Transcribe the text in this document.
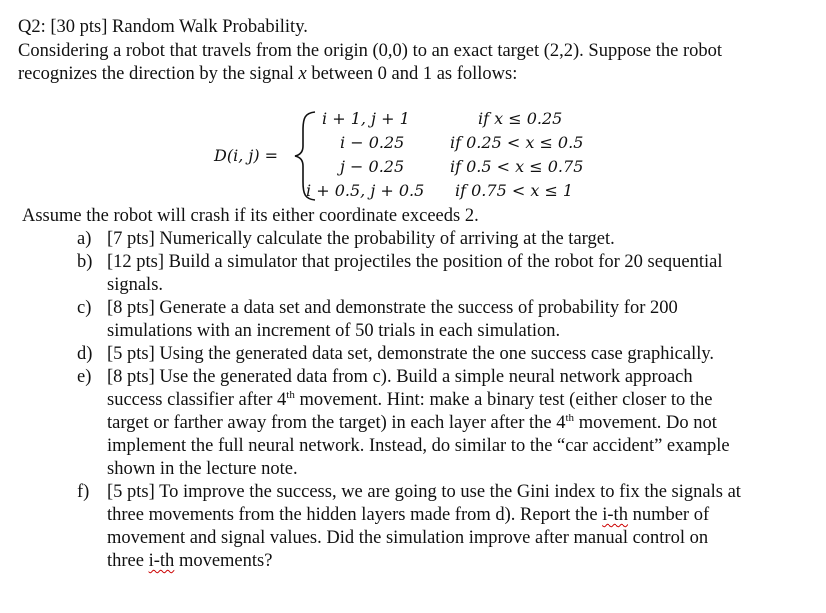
Q2: [30 pts] Random Walk Probability.
Considering a robot that travels from the origin (0,0) to an exact target (2,2). Suppose the robot
recognizes the direction by the signal x between 0 and 1 as follows:
D(i, j) =
i + 1, j + 1	if x ≤ 0.25
i − 0.25	if 0.25 < x ≤ 0.5
j − 0.25	if 0.5 < x ≤ 0.75
i + 0.5, j + 0.5 if 0.75 < x ≤ 1
Assume the robot will crash if its either coordinate exceeds 2.
a) [7 pts] Numerically calculate the probability of arriving at the target.
b) [12 pts] Build a simulator that projectiles the position of the robot for 20 sequential
signals.
c) [8 pts] Generate a data set and demonstrate the success of probability for 200
simulations with an increment of 50 trials in each simulation.
d) [5 pts] Using the generated data set, demonstrate the one success case graphically.
e) [8 pts] Use the generated data from c). Build a simple neural network approach
success classifier after 4th movement. Hint: make a binary test (either closer to the
target or farther away from the target) in each layer after the 4th movement. Do not
implement the full neural network. Instead, do similar to the “car accident” example
shown in the lecture note.
f) [5 pts] To improve the success, we are going to use the Gini index to fix the signals at
three movements from the hidden layers made from d). Report the i-th number of
movement and signal values. Did the simulation improve after manual control on
three i-th movements?
